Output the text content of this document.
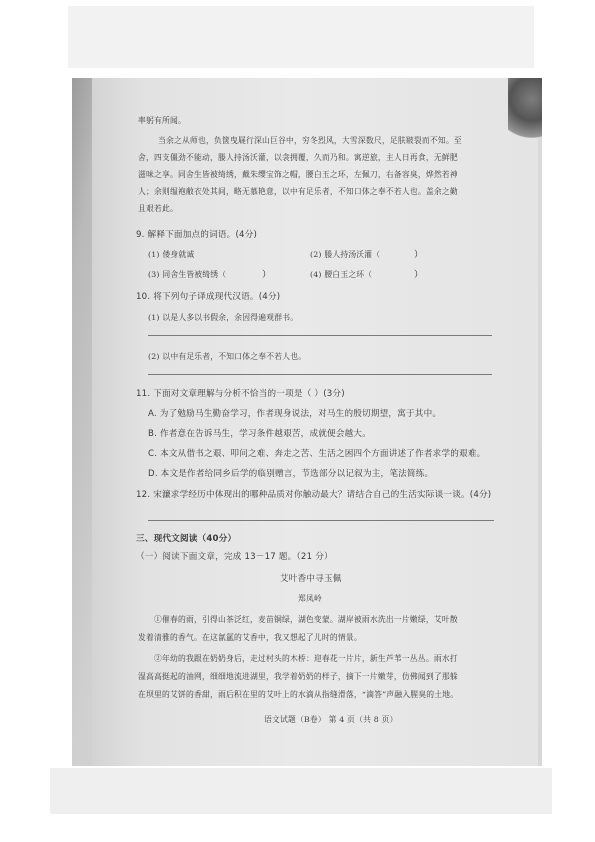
率躬有所闻。
当余之从师也，负箧曳屣行深山巨谷中，穷冬烈风，大雪深数尺，足肤皲裂而不知。至
舍，四支僵劲不能动，媵人持汤沃灌，以衾拥覆，久而乃和。寓逆旅，主人日再食，无鲜肥
滋味之享。同舍生皆被绮绣，戴朱缨宝饰之帽，腰白玉之环，左佩刀，右备容臭，烨然若神
人；余则缊袍敝衣处其间，略无慕艳意，以中有足乐者，不知口体之奉不若人也。盖余之勤
且艰若此。
9. 解释下面加点的词语。(4分)
(1) 偻身就诚	(2) 媵人持汤沃灌（	）
(3) 同舍生皆被绮绣（	）	(4) 腰白玉之环（	）
10. 将下列句子译成现代汉语。(4分)
(1) 以是人多以书假余，余因得遍观群书。
(2) 以中有足乐者，不知口体之奉不若人也。
11. 下面对文章理解与分析不恰当的一项是（ ）(3分)
A. 为了勉励马生勤奋学习，作者现身说法，对马生的殷切期望，寓于其中。
B. 作者意在告诉马生，学习条件越艰苦，成就便会越大。
C. 本文从借书之艰、叩问之难、奔走之苦、生活之困四个方面讲述了作者求学的艰难。
D. 本文是作者给同乡后学的临别赠言，节选部分以记叙为主，笔法简练。
12. 宋濂求学经历中体现出的哪种品质对你触动最大？请结合自己的生活实际谈一谈。(4分)
三、现代文阅读（40分）
（一）阅读下面文章，完成 13－17 题。（21 分）
艾叶香中寻玉佩
郑凤岭
①催春的雨，引得山茶泛红，麦苗铜绿，湖色变蒙。湖岸被雨水洗出一片嫩绿，艾叶散
发着清雅的香气。在这氤氲的艾香中，我又想起了儿时的情景。
②年幼的我跟在奶奶身后，走过村头的木桥：迎春花一片片，新生芦苇一丛丛。雨水打
湿高高挺起的油网，细细地流进湖里，我学着奶奶的样子，摘下一片嫩芽，仿佛闻到了那躲
在坝里的艾饼的香甜，雨后积在里的艾叶上的水滴从指缝滑落，“滴答”声融入腥臭的土地。
语文试题（B卷） 第 4 页（共 8 页）
